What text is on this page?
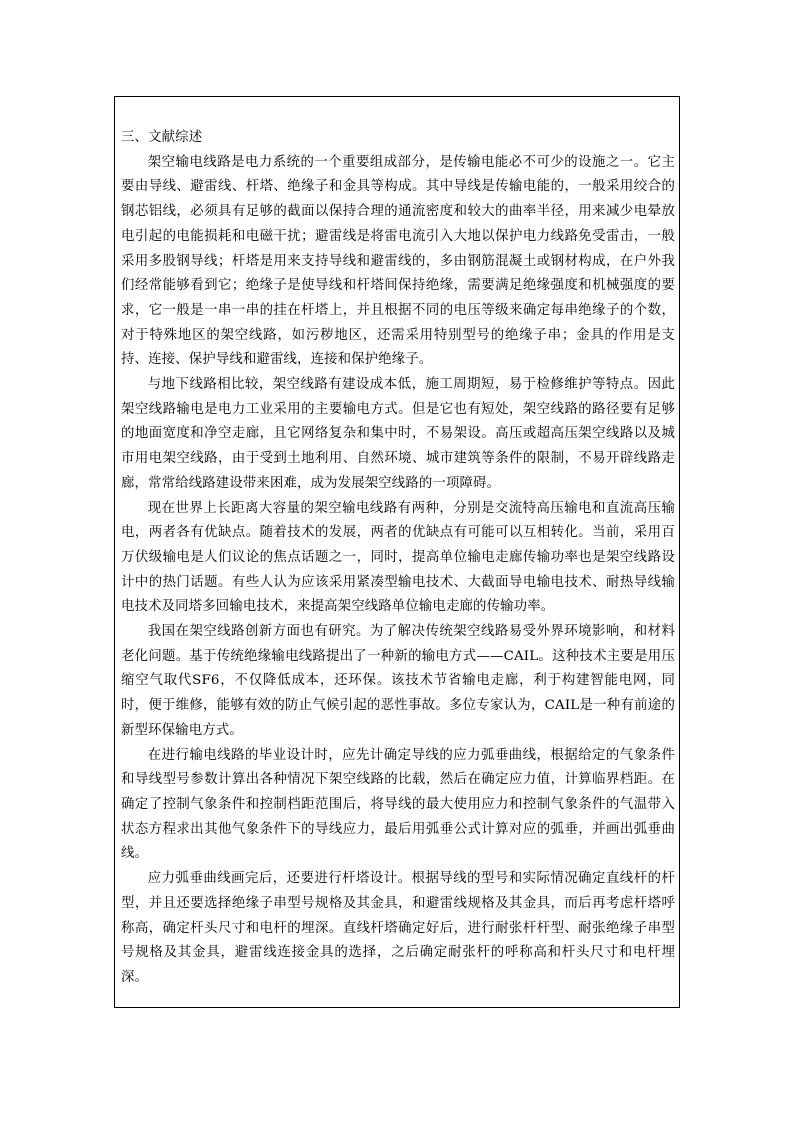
三、文献综述

架空输电线路是电力系统的一个重要组成部分，是传输电能必不可少的设施之一。它主要由导线、避雷线、杆塔、绝缘子和金具等构成。其中导线是传输电能的，一般采用绞合的钢芯铝线，必须具有足够的截面以保持合理的通流密度和较大的曲率半径，用来减少电晕放电引起的电能损耗和电磁干扰；避雷线是将雷电流引入大地以保护电力线路免受雷击，一般采用多股钢导线；杆塔是用来支持导线和避雷线的，多由钢筋混凝土或钢材构成，在户外我们经常能够看到它；绝缘子是使导线和杆塔间保持绝缘，需要满足绝缘强度和机械强度的要求，它一般是一串一串的挂在杆塔上，并且根据不同的电压等级来确定每串绝缘子的个数，对于特殊地区的架空线路，如污秽地区，还需采用特别型号的绝缘子串；金具的作用是支持、连接、保护导线和避雷线，连接和保护绝缘子。

与地下线路相比较，架空线路有建设成本低，施工周期短，易于检修维护等特点。因此架空线路输电是电力工业采用的主要输电方式。但是它也有短处，架空线路的路径要有足够的地面宽度和净空走廊，且它网络复杂和集中时，不易架设。高压或超高压架空线路以及城市用电架空线路，由于受到土地利用、自然环境、城市建筑等条件的限制，不易开辟线路走廊，常常给线路建设带来困难，成为发展架空线路的一项障碍。

现在世界上长距离大容量的架空输电线路有两种，分别是交流特高压输电和直流高压输电，两者各有优缺点。随着技术的发展，两者的优缺点有可能可以互相转化。当前，采用百万伏级输电是人们议论的焦点话题之一，同时，提高单位输电走廊传输功率也是架空线路设计中的热门话题。有些人认为应该采用紧凑型输电技术、大截面导电输电技术、耐热导线输电技术及同塔多回输电技术，来提高架空线路单位输电走廊的传输功率。

我国在架空线路创新方面也有研究。为了解决传统架空线路易受外界环境影响，和材料老化问题。基于传统绝缘输电线路提出了一种新的输电方式——CAIL。这种技术主要是用压缩空气取代SF6，不仅降低成本，还环保。该技术节省输电走廊，利于构建智能电网，同时，便于维修，能够有效的防止气候引起的恶性事故。多位专家认为，CAIL是一种有前途的新型环保输电方式。

在进行输电线路的毕业设计时，应先计确定导线的应力弧垂曲线，根据给定的气象条件和导线型号参数计算出各种情况下架空线路的比载，然后在确定应力值，计算临界档距。在确定了控制气象条件和控制档距范围后，将导线的最大使用应力和控制气象条件的气温带入状态方程求出其他气象条件下的导线应力，最后用弧垂公式计算对应的弧垂，并画出弧垂曲线。

应力弧垂曲线画完后，还要进行杆塔设计。根据导线的型号和实际情况确定直线杆的杆型，并且还要选择绝缘子串型号规格及其金具，和避雷线规格及其金具，而后再考虑杆塔呼称高，确定杆头尺寸和电杆的埋深。直线杆塔确定好后，进行耐张杆杆型、耐张绝缘子串型号规格及其金具，避雷线连接金具的选择，之后确定耐张杆的呼称高和杆头尺寸和电杆埋深。
